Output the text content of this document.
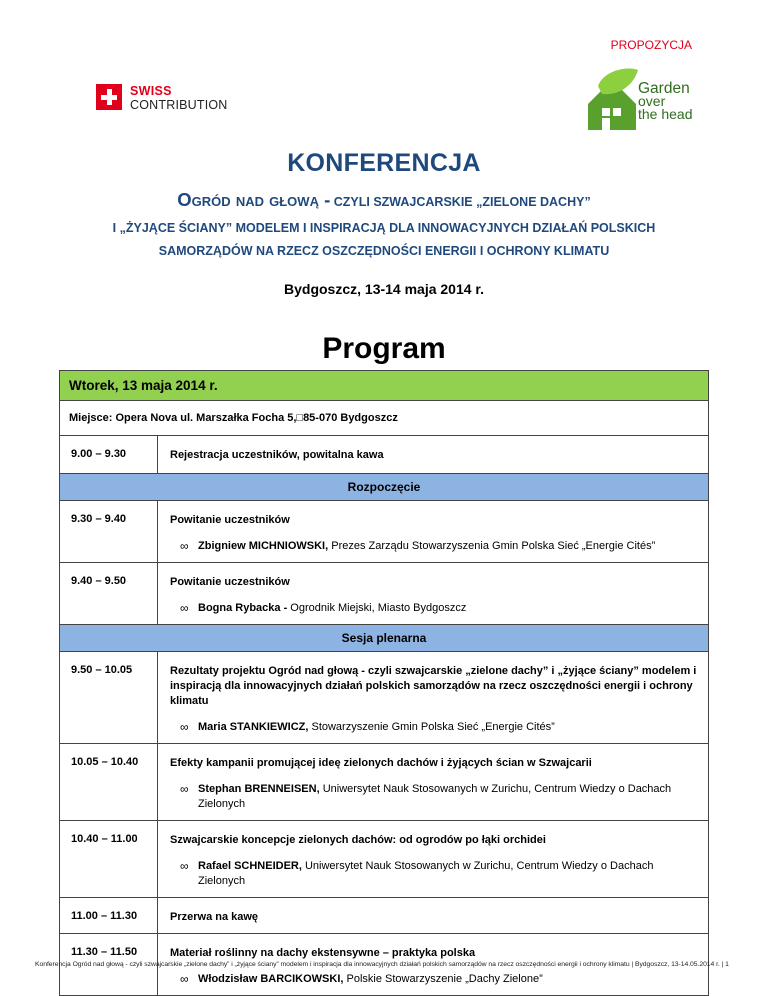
PROPOZYCJA
SWISS
CONTRIBUTION
Garden
over
the head
KONFERENCJA
Ogród nad głową - CZYLI SZWAJCARSKIE „ZIELONE DACHY”
I „ŻYJĄCE ŚCIANY” MODELEM I INSPIRACJĄ DLA INNOWACYJNYCH DZIAŁAŃ POLSKICH
SAMORZĄDÓW NA RZECZ OSZCZĘDNOŚCI ENERGII I OCHRONY KLIMATU
Bydgoszcz, 13-14 maja 2014 r.
Program
Wtorek, 13 maja 2014 r.	
Miejsce: Opera Nova ul. Marszałka Focha 5,□85-070 Bydgoszcz	
9.00 – 9.30	Rejestracja uczestników, powitalna kawa

Rozpoczęcie	
9.30 – 9.40	Powitanie uczestników
∞ Zbigniew MICHNIOWSKI, Prezes Zarządu Stowarzyszenia Gmin Polska Sieć „Energie Cités”

9.40 – 9.50	Powitanie uczestników
∞ Bogna Rybacka - Ogrodnik Miejski, Miasto Bydgoszcz

Sesja plenarna	
9.50 – 10.05	Rezultaty projektu Ogród nad głową - czyli szwajcarskie „zielone dachy” i „żyjące ściany” modelem i inspiracją dla innowacyjnych działań polskich samorządów na rzecz oszczędności energii i ochrony klimatu
∞ Maria STANKIEWICZ, Stowarzyszenie Gmin Polska Sieć „Energie Cités”

10.05 – 10.40	Efekty kampanii promującej ideę zielonych dachów i żyjących ścian w Szwajcarii
∞ Stephan BRENNEISEN, Uniwersytet Nauk Stosowanych w Zurichu, Centrum Wiedzy o Dachach Zielonych

10.40 – 11.00	Szwajcarskie koncepcje zielonych dachów: od ogrodów po łąki orchidei
∞ Rafael SCHNEIDER, Uniwersytet Nauk Stosowanych w Zurichu, Centrum Wiedzy o Dachach Zielonych

11.00 – 11.30	Przerwa na kawę

11.30 – 11.50	Materiał roślinny na dachy ekstensywne – praktyka polska
∞ Włodzisław BARCIKOWSKI, Polskie Stowarzyszenie „Dachy Zielone”
Konferencja Ogród nad głową - czyli szwajcarskie „zielone dachy” i „żyjące ściany” modelem i inspiracja dla innowacyjnych działań polskich samorządów na rzecz oszczędności energii i ochrony klimatu | Bydgoszcz, 13-14.05.2014 r. | 1
